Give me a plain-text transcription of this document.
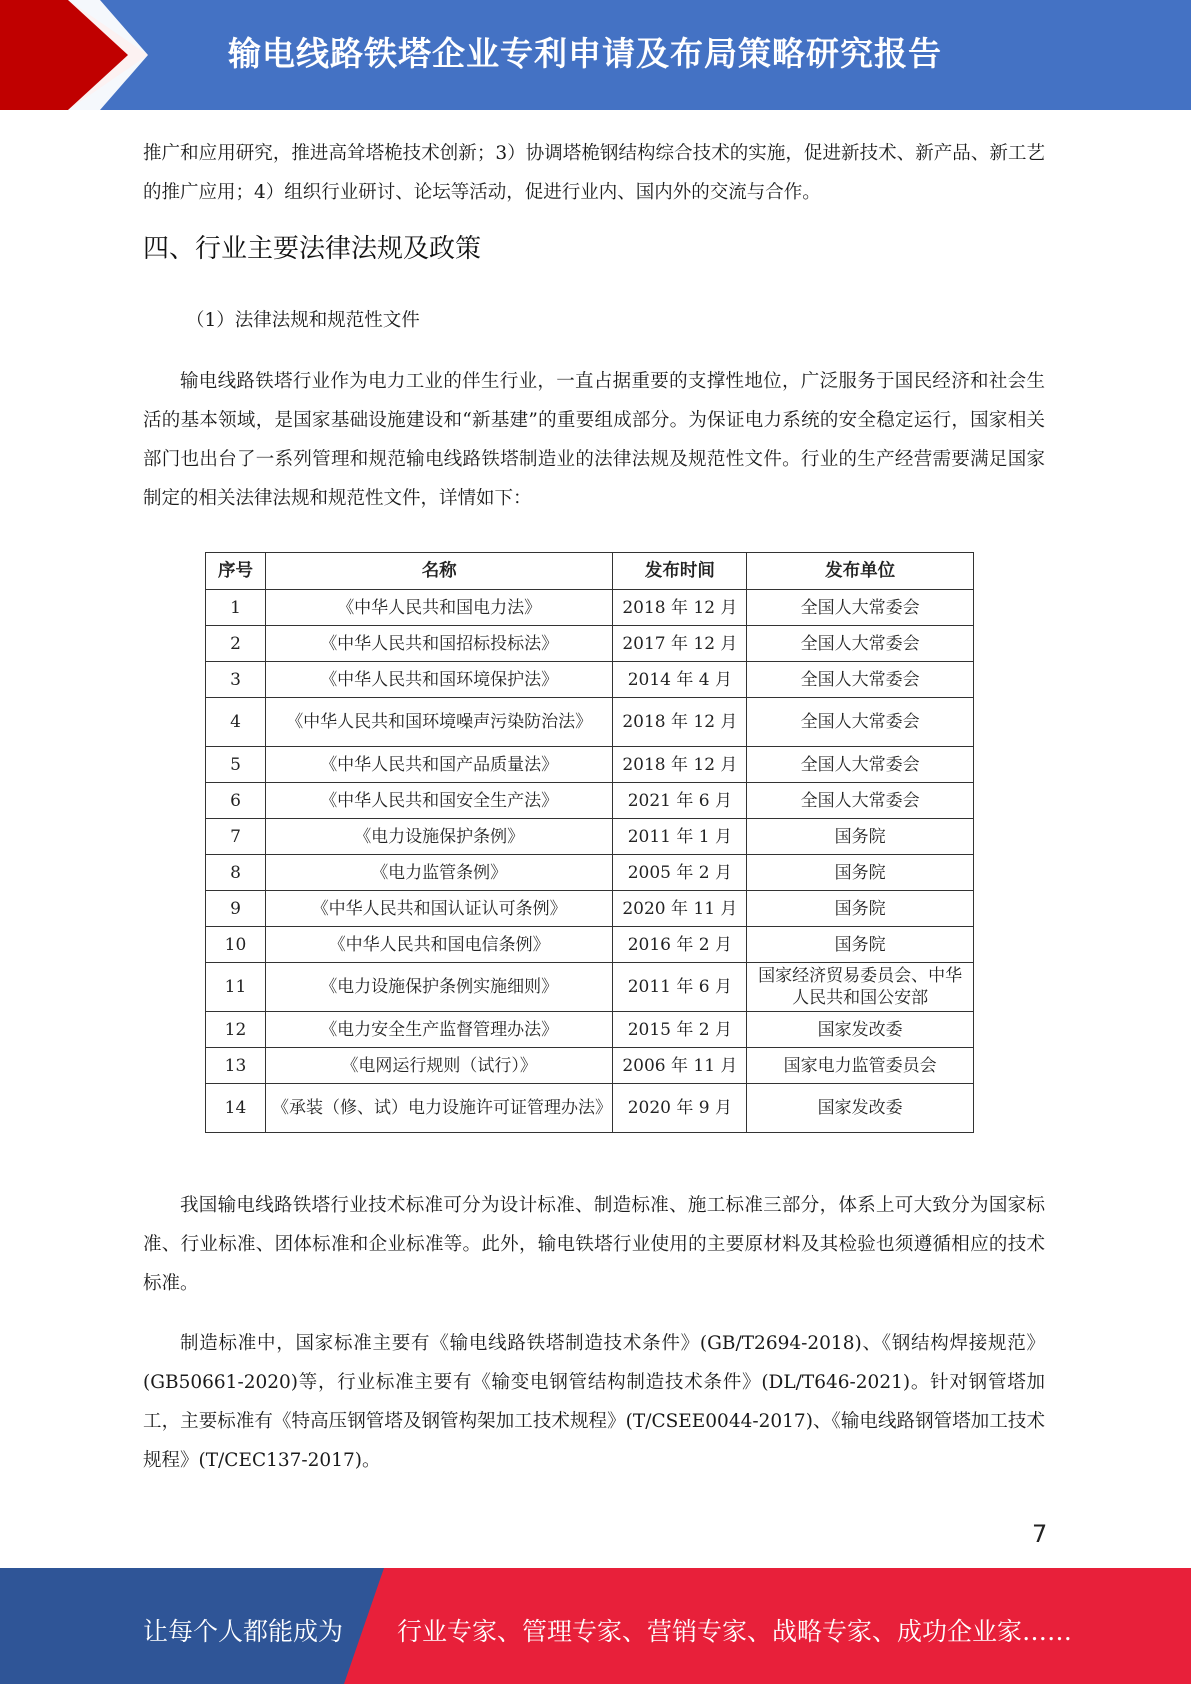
输电线路铁塔企业专利申请及布局策略研究报告

推广和应用研究，推进高耸塔桅技术创新；3）协调塔桅钢结构综合技术的实施，促进新技术、新产品、新工艺的推广应用；4）组织行业研讨、论坛等活动，促进行业内、国内外的交流与合作。

四、行业主要法律法规及政策

（1）法律法规和规范性文件

输电线路铁塔行业作为电力工业的伴生行业，一直占据重要的支撑性地位，广泛服务于国民经济和社会生活的基本领域，是国家基础设施建设和“新基建”的重要组成部分。为保证电力系统的安全稳定运行，国家相关部门也出台了一系列管理和规范输电线路铁塔制造业的法律法规及规范性文件。行业的生产经营需要满足国家制定的相关法律法规和规范性文件，详情如下：

序号	名称	发布时间	发布单位
1	《中华人民共和国电力法》	2018 年 12 月	全国人大常委会
2	《中华人民共和国招标投标法》	2017 年 12 月	全国人大常委会
3	《中华人民共和国环境保护法》	2014 年 4 月	全国人大常委会
4	《中华人民共和国环境噪声污染防治法》	2018 年 12 月	全国人大常委会
5	《中华人民共和国产品质量法》	2018 年 12 月	全国人大常委会
6	《中华人民共和国安全生产法》	2021 年 6 月	全国人大常委会
7	《电力设施保护条例》	2011 年 1 月	国务院
8	《电力监管条例》	2005 年 2 月	国务院
9	《中华人民共和国认证认可条例》	2020 年 11 月	国务院
10	《中华人民共和国电信条例》	2016 年 2 月	国务院
11	《电力设施保护条例实施细则》	2011 年 6 月	国家经济贸易委员会、中华人民共和国公安部
12	《电力安全生产监督管理办法》	2015 年 2 月	国家发改委
13	《电网运行规则（试行）》	2006 年 11 月	国家电力监管委员会
14	《承装（修、试）电力设施许可证管理办法》	2020 年 9 月	国家发改委

我国输电线路铁塔行业技术标准可分为设计标准、制造标准、施工标准三部分，体系上可大致分为国家标准、行业标准、团体标准和企业标准等。此外，输电铁塔行业使用的主要原材料及其检验也须遵循相应的技术标准。

制造标准中，国家标准主要有《输电线路铁塔制造技术条件》(GB/T2694-2018)、《钢结构焊接规范》(GB50661-2020)等，行业标准主要有《输变电钢管结构制造技术条件》(DL/T646-2021)。针对钢管塔加工，主要标准有《特高压钢管塔及钢管构架加工技术规程》(T/CSEE0044-2017)、《输电线路钢管塔加工技术规程》(T/CEC137-2017)。

7
让每个人都能成为 行业专家、管理专家、营销专家、战略专家、成功企业家……
